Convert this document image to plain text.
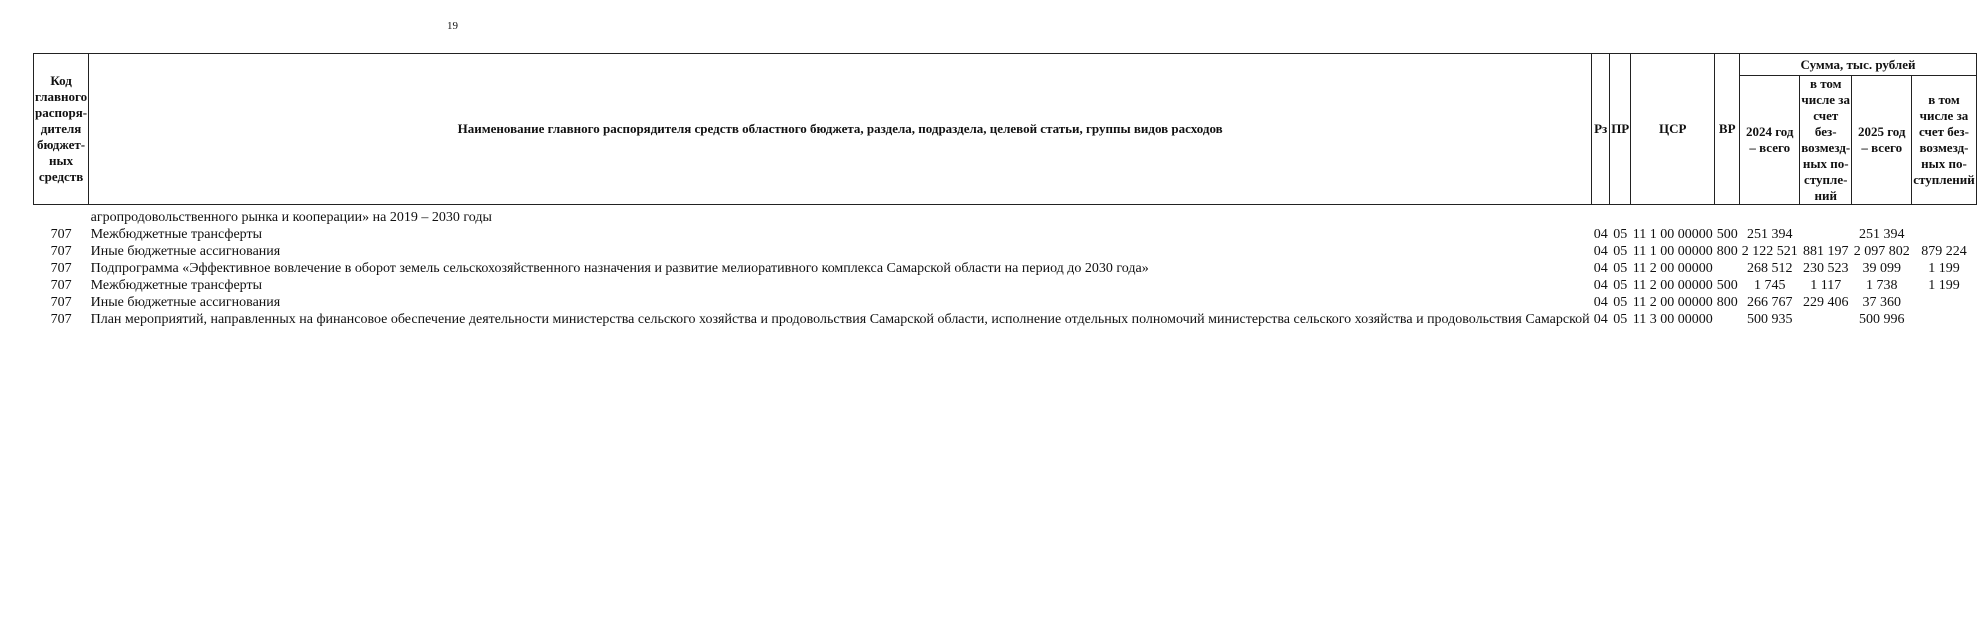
19
Код главного распоря-дителя бюджет-ных средств	Наименование главного распорядителя средств областного бюджета, раздела, подраздела, целевой статьи, группы видов расходов	Рз	ПР	ЦСР	ВР	Сумма, тыс. рублей			
						2024 год – всего	в том числе за счет без-возмезд-ных по-ступле-ний	2025 год – всего	в том числе за счет без-возмезд-ных по-ступлений

	агропродовольственного рынка и кооперации» на 2019 – 2030 годы								
707	Межбюджетные трансферты	04	05	11 1 00 00000	500	251 394		251 394	
707	Иные бюджетные ассигнования	04	05	11 1 00 00000	800	2 122 521	881 197	2 097 802	879 224
707	Подпрограмма «Эффективное вовлечение в оборот земель сельскохозяйственного назначения и развитие мелиоративного комплекса Самарской области на период до 2030 года»	04	05	11 2 00 00000		268 512	230 523	39 099	1 199
707	Межбюджетные трансферты	04	05	11 2 00 00000	500	1 745	1 117	1 738	1 199
707	Иные бюджетные ассигнования	04	05	11 2 00 00000	800	266 767	229 406	37 360	
707	План мероприятий, направленных на финансовое обеспечение деятельности министерства сельского хозяйства и продовольствия Самарской области, исполнение отдельных полномочий министерства сельского хозяйства и продовольствия Самарской	04	05	11 3 00 00000		500 935		500 996	
